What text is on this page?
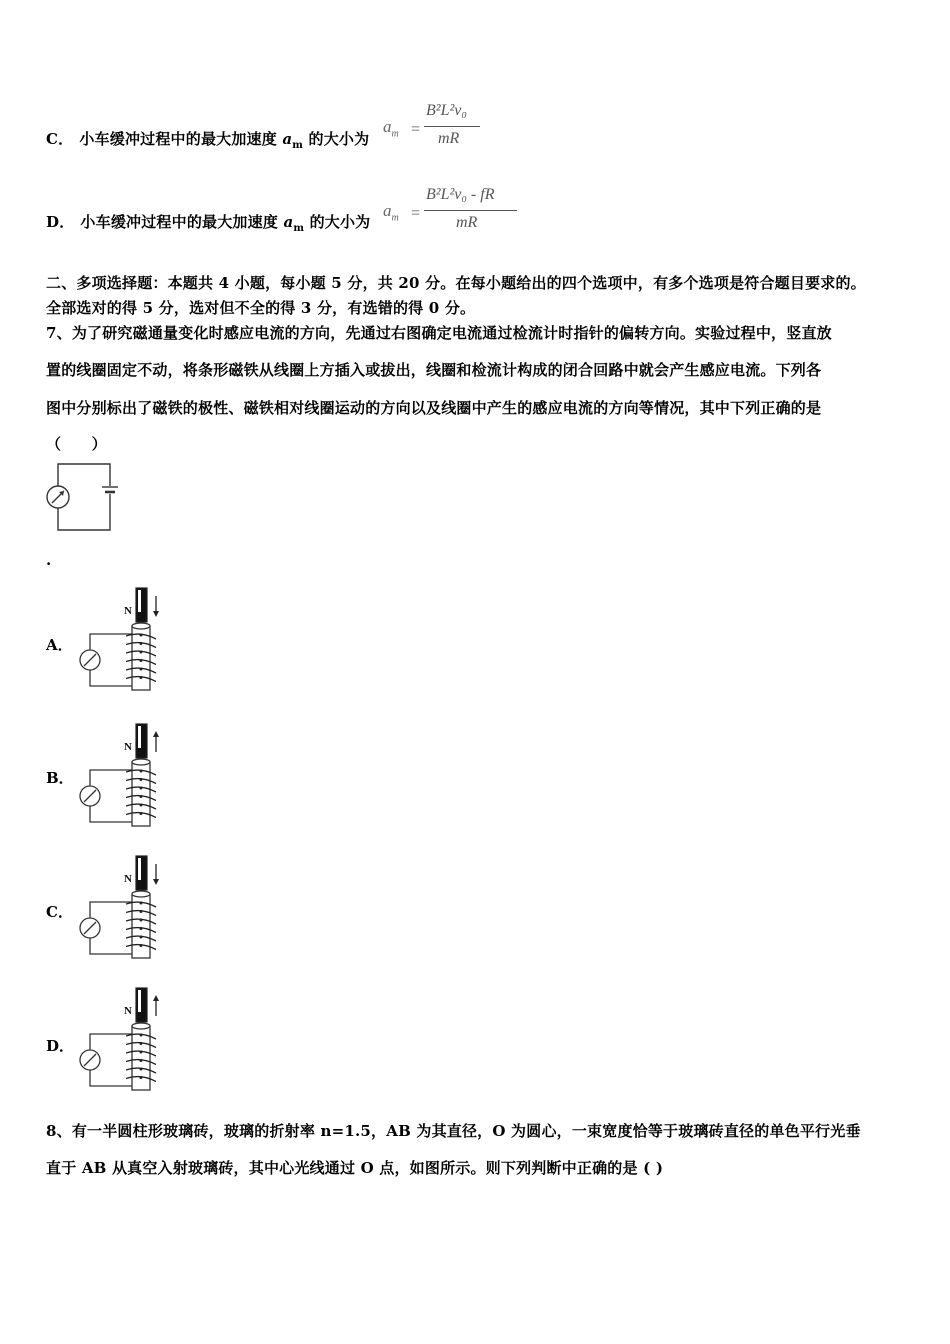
C． 小车缓冲过程中的最大加速度 $a_m$ 的大小为
$a_m$ =
B²L²v₀
mR
D． 小车缓冲过程中的最大加速度 $a_m$ 的大小为
$a_m$ =
B²L²v₀ - fR
mR
二、多项选择题：本题共 4 小题，每小题 5 分，共 20 分。在每小题给出的四个选项中，有多个选项是符合题目要求的。
全部选对的得 5 分，选对但不全的得 3 分，有选错的得 0 分。
7、为了研究磁通量变化时感应电流的方向，先通过右图确定电流通过检流计时指针的偏转方向。实验过程中，竖直放
置的线圈固定不动，将条形磁铁从线圈上方插入或拔出，线圈和检流计构成的闭合回路中就会产生感应电流。下列各
图中分别标出了磁铁的极性、磁铁相对线圈运动的方向以及线圈中产生的感应电流的方向等情况，其中下列正确的是
（　　）
.
A．
N
B．
N
C．
N
D．
N
8、有一半圆柱形玻璃砖，玻璃的折射率 n=1.5，AB 为其直径，O 为圆心，一束宽度恰等于玻璃砖直径的单色平行光垂
直于 AB 从真空入射玻璃砖，其中心光线通过 O 点，如图所示。则下列判断中正确的是 ( )
